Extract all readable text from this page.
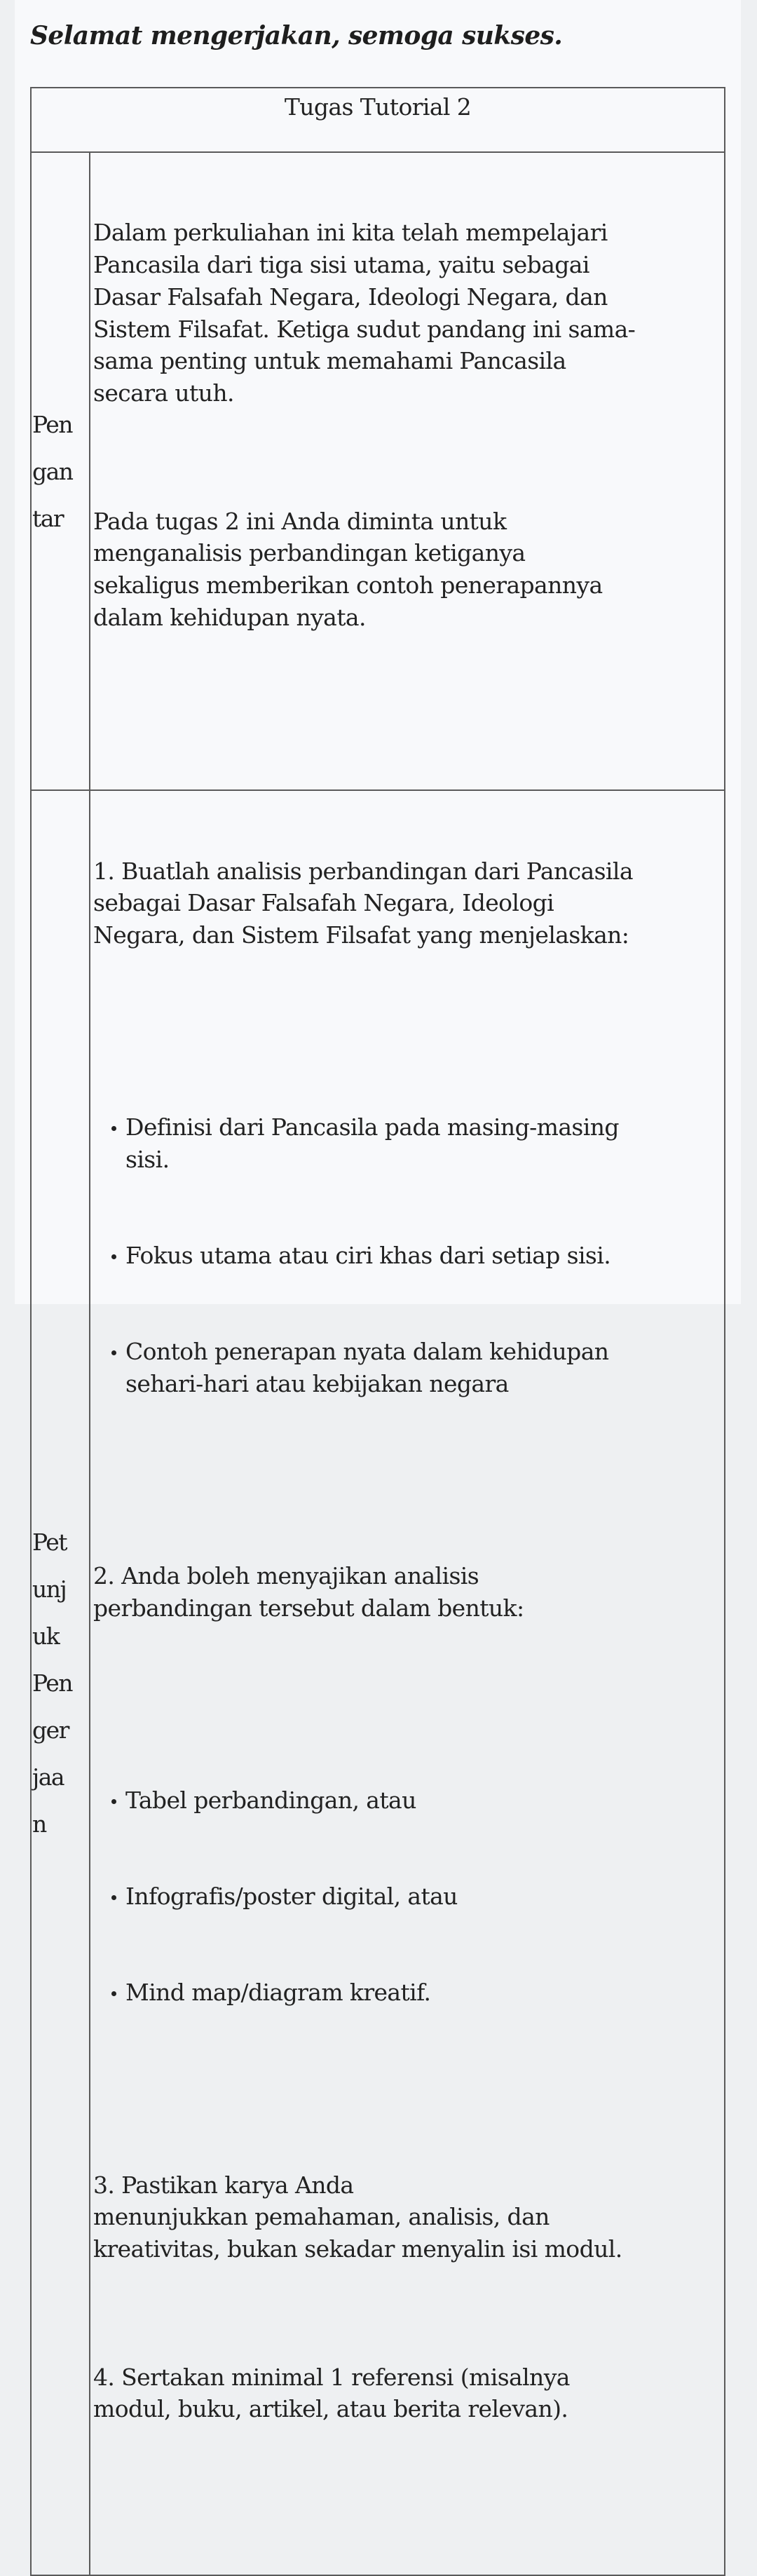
Selamat mengerjakan, semoga sukses.
Tugas Tutorial 2
Pen
gan
tar

Dalam perkuliahan ini kita telah mempelajari
Pancasila dari tiga sisi utama, yaitu sebagai
Dasar Falsafah Negara, Ideologi Negara, dan
Sistem Filsafat. Ketiga sudut pandang ini sama-
sama penting untuk memahami Pancasila
secara utuh.

Pada tugas 2 ini Anda diminta untuk
menganalisis perbandingan ketiganya
sekaligus memberikan contoh penerapannya
dalam kehidupan nyata.

Pet
unj
uk
Pen
ger
jaa
n

1. Buatlah analisis perbandingan dari Pancasila
sebagai Dasar Falsafah Negara, Ideologi
Negara, dan Sistem Filsafat yang menjelaskan:

Definisi dari Pancasila pada masing-masing
sisi.

Fokus utama atau ciri khas dari setiap sisi.

Contoh penerapan nyata dalam kehidupan
sehari-hari atau kebijakan negara

2. Anda boleh menyajikan analisis
perbandingan tersebut dalam bentuk:

Tabel perbandingan, atau

Infografis/poster digital, atau

Mind map/diagram kreatif.

3. Pastikan karya Anda
menunjukkan pemahaman, analisis, dan
kreativitas, bukan sekadar menyalin isi modul.

4. Sertakan minimal 1 referensi (misalnya
modul, buku, artikel, atau berita relevan).
